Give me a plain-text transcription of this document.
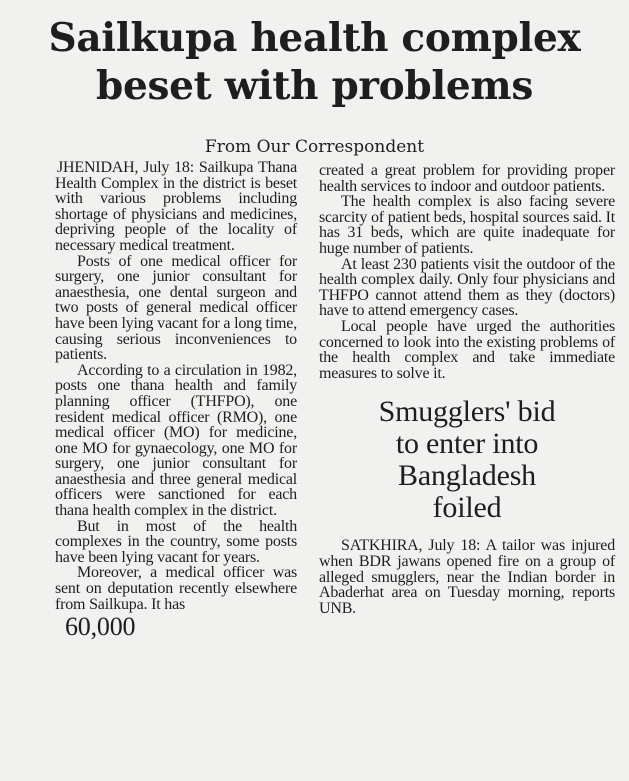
Sailkupa health complex
beset with problems
From Our Correspondent

JHENIDAH, July 18: Sailkupa Thana Health Complex in the district is beset with various problems including shortage of physicians and medicines, depriving people of the locality of necessary medical treatment.

Posts of one medical officer for surgery, one junior consultant for anaesthesia, one dental surgeon and two posts of general medical officer have been lying vacant for a long time, causing serious inconveniences to patients.

According to a circulation in 1982, posts one thana health and family planning officer (THFPO), one resident medical officer (RMO), one medical officer (MO) for medicine, one MO for gynaecology, one MO for surgery, one junior consultant for anaesthesia and three general medical officers were sanctioned for each thana health complex in the district.

But in most of the health complexes in the country, some posts have been lying vacant for years.

Moreover, a medical officer was sent on deputation recently elsewhere from Sailkupa. It has

60,000

created a great problem for providing proper health services to indoor and outdoor patients.

The health complex is also facing severe scarcity of patient beds, hospital sources said. It has 31 beds, which are quite inadequate for huge number of patients.

At least 230 patients visit the outdoor of the health complex daily. Only four physicians and THFPO cannot attend them as they (doctors) have to attend emergency cases.

Local people have urged the authorities concerned to look into the existing problems of the health complex and take immediate measures to solve it.

Smugglers' bid
to enter into
Bangladesh
foiled

SATKHIRA, July 18: A tailor was injured when BDR jawans opened fire on a group of alleged smugglers, near the Indian border in Abaderhat area on Tuesday morning, reports UNB.
